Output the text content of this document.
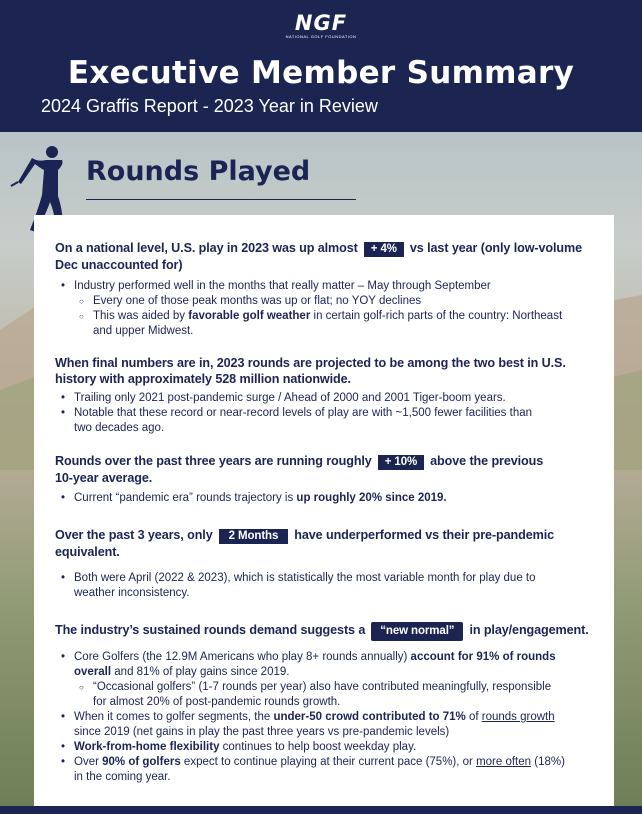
NGF
NATIONAL GOLF FOUNDATION
Executive Member Summary
2024 Graffis Report - 2023 Year in Review
Rounds Played
On a national level, U.S. play in 2023 was up almost + 4% vs last year (only low-volume
Dec unaccounted for)
• Industry performed well in the months that really matter – May through September
○ Every one of those peak months was up or flat; no YOY declines
○ This was aided by favorable golf weather in certain golf-rich parts of the country: Northeast
and upper Midwest.
When final numbers are in, 2023 rounds are projected to be among the two best in U.S.
history with approximately 528 million nationwide.
• Trailing only 2021 post-pandemic surge / Ahead of 2000 and 2001 Tiger-boom years.
• Notable that these record or near-record levels of play are with ~1,500 fewer facilities than
two decades ago.
Rounds over the past three years are running roughly + 10% above the previous
10-year average.
• Current “pandemic era” rounds trajectory is up roughly 20% since 2019.
Over the past 3 years, only 2 Months have underperformed vs their pre-pandemic
equivalent.
• Both were April (2022 & 2023), which is statistically the most variable month for play due to
weather inconsistency.
The industry’s sustained rounds demand suggests a “new normal” in play/engagement.
• Core Golfers (the 12.9M Americans who play 8+ rounds annually) account for 91% of rounds
overall and 81% of play gains since 2019.
○ “Occasional golfers” (1-7 rounds per year) also have contributed meaningfully, responsible
for almost 20% of post-pandemic rounds growth.
• When it comes to golfer segments, the under-50 crowd contributed to 71% of rounds growth
since 2019 (net gains in play the past three years vs pre-pandemic levels)
• Work-from-home flexibility continues to help boost weekday play.
• Over 90% of golfers expect to continue playing at their current pace (75%), or more often (18%)
in the coming year.
